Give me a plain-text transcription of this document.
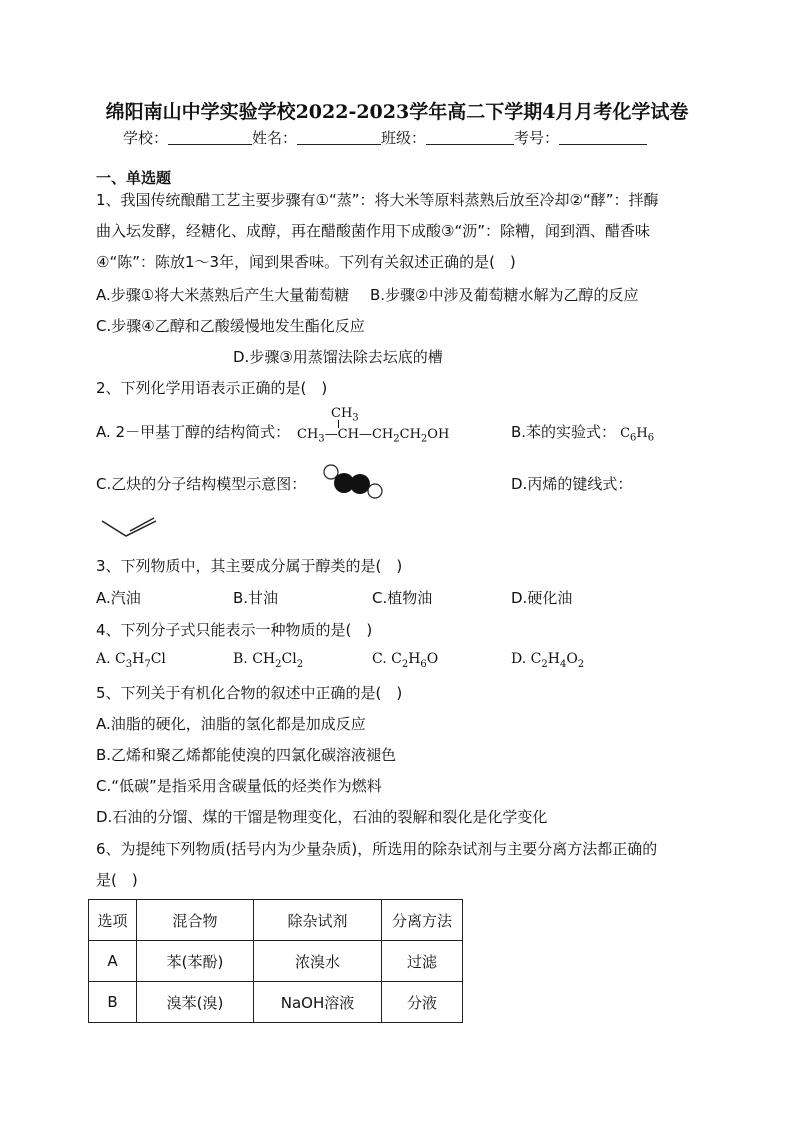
绵阳南山中学实验学校2022-2023学年高二下学期4月月考化学试卷
学校：	姓名：	班级：	考号：
一、单选题
1、我国传统酿醋工艺主要步骤有①“蒸”：将大米等原料蒸熟后放至冷却②“酵”：拌酶
曲入坛发酵，经糖化、成醇，再在醋酸菌作用下成酸③“沥”：除糟，闻到酒、醋香味
④“陈”：陈放1～3年，闻到果香味。下列有关叙述正确的是(　)
A.步骤①将大米蒸熟后产生大量葡萄糖 B.步骤②中涉及葡萄糖水解为乙醇的反应
C.步骤④乙醇和乙酸缓慢地发生酯化反应
D.步骤③用蒸馏法除去坛底的槽
2、下列化学用语表示正确的是(　)
A. 2－甲基丁醇的结构简式：
$CH_3$
$CH_3—CH—CH_2CH_2OH$	B.苯的实验式： $C_6H_6$
C.乙炔的分子结构模型示意图：	D.丙烯的键线式：
3、下列物质中，其主要成分属于醇类的是(　)
A.汽油	B.甘油	C.植物油	D.硬化油
4、下列分子式只能表示一种物质的是(　)
A. $C_3H_7Cl$	B. $CH_2Cl_2$	C. $C_2H_6O$	D. $C_2H_4O_2$
5、下列关于有机化合物的叙述中正确的是(　)
A.油脂的硬化，油脂的氢化都是加成反应
B.乙烯和聚乙烯都能使溴的四氯化碳溶液褪色
C.“低碳”是指采用含碳量低的烃类作为燃料
D.石油的分馏、煤的干馏是物理变化，石油的裂解和裂化是化学变化
6、为提纯下列物质(括号内为少量杂质)，所选用的除杂试剂与主要分离方法都正确的
是(　)
选项	混合物	除杂试剂	分离方法
A	苯(苯酚)	浓溴水	过滤
B	溴苯(溴)	NaOH溶液	分液
